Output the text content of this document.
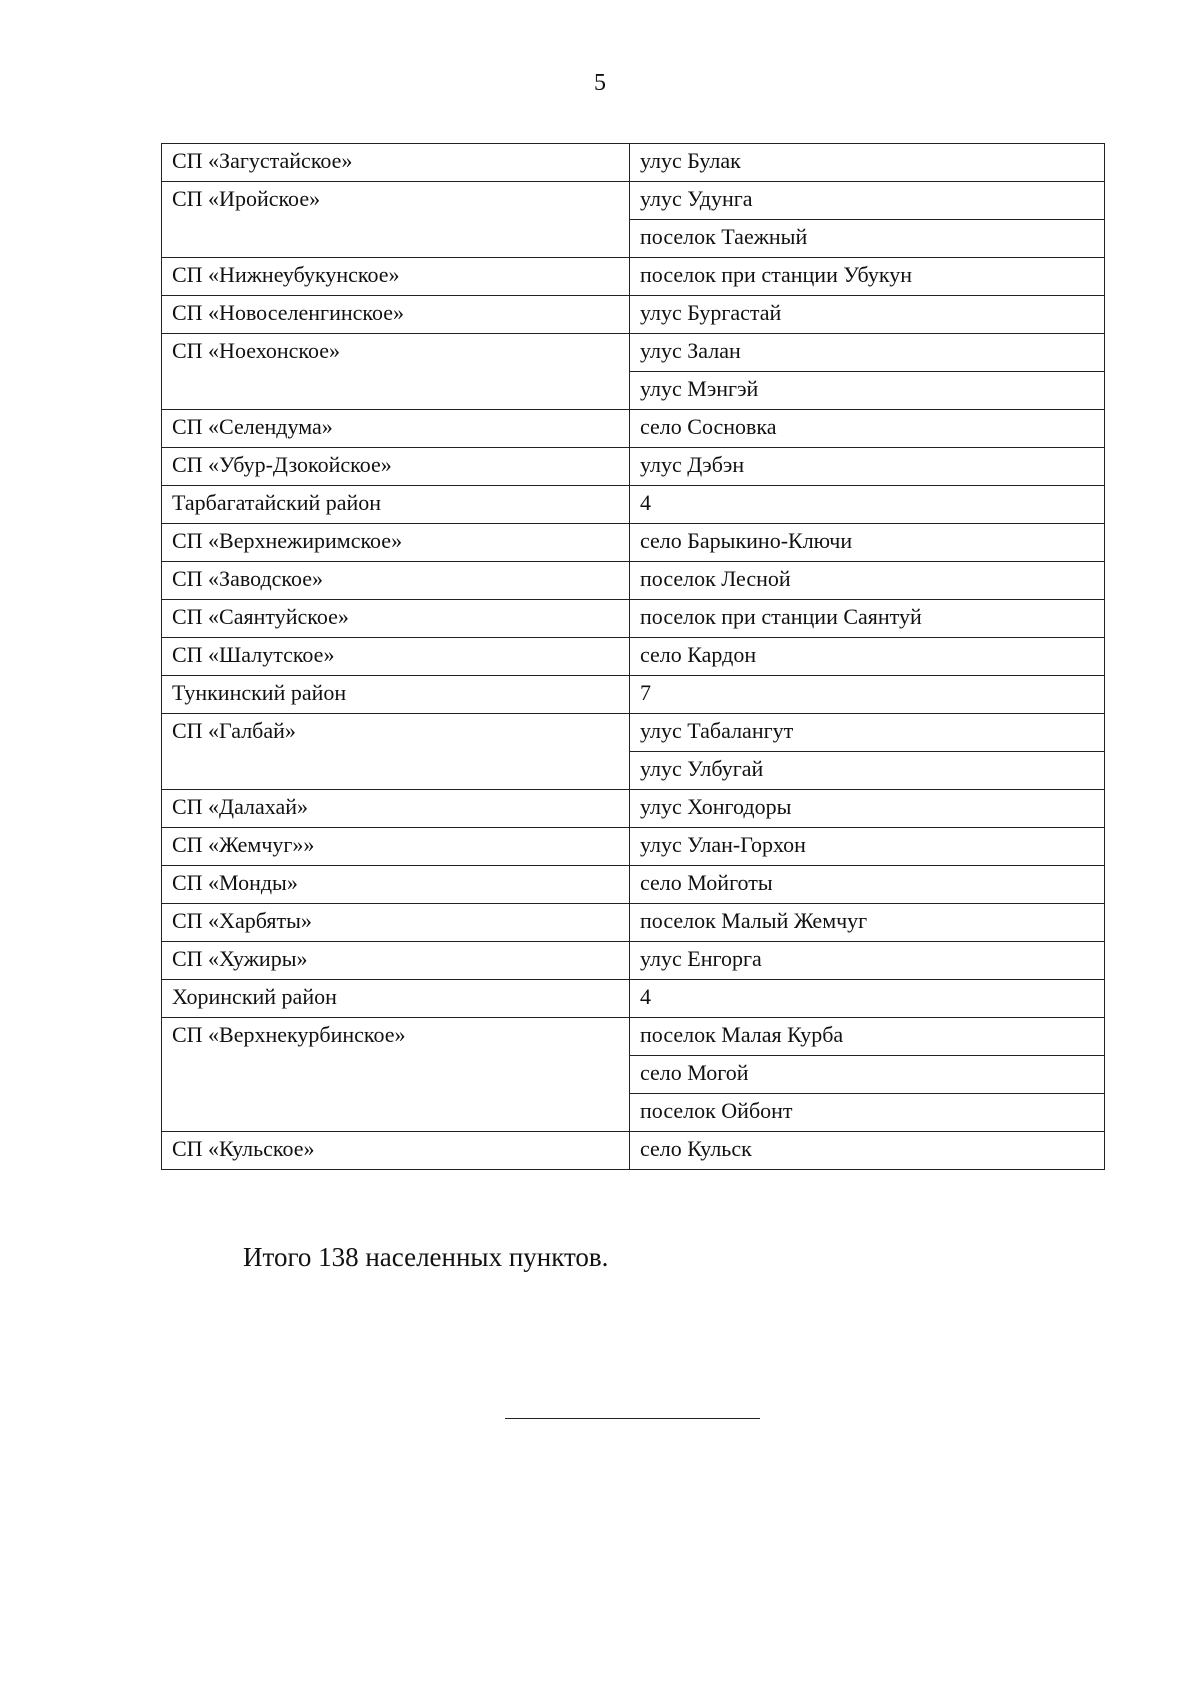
5
СП «Загустайское»	улус Булак
СП «Иройское»	улус Удунга
	поселок Таежный
СП «Нижнеубукунское»	поселок при станции Убукун
СП «Новоселенгинское»	улус Бургастай
СП «Ноехонское»	улус Залан
	улус Мэнгэй
СП «Селендума»	село Сосновка
СП «Убур-Дзокойское»	улус Дэбэн
Тарбагатайский район	4
СП «Верхнежиримское»	село Барыкино-Ключи
СП «Заводское»	поселок Лесной
СП «Саянтуйское»	поселок при станции Саянтуй
СП «Шалутское»	село Кардон
Тункинский район	7
СП «Галбай»	улус Табалангут
	улус Улбугай
СП «Далахай»	улус Хонгодоры
СП «Жемчуг»»	улус Улан-Горхон
СП «Монды»	село Мойготы
СП «Харбяты»	поселок Малый Жемчуг
СП «Хужиры»	улус Енгорга
Хоринский район	4
СП «Верхнекурбинское»	поселок Малая Курба
	село Могой
	поселок Ойбонт
СП «Кульское»	село Кульск
Итого 138 населенных пунктов.
